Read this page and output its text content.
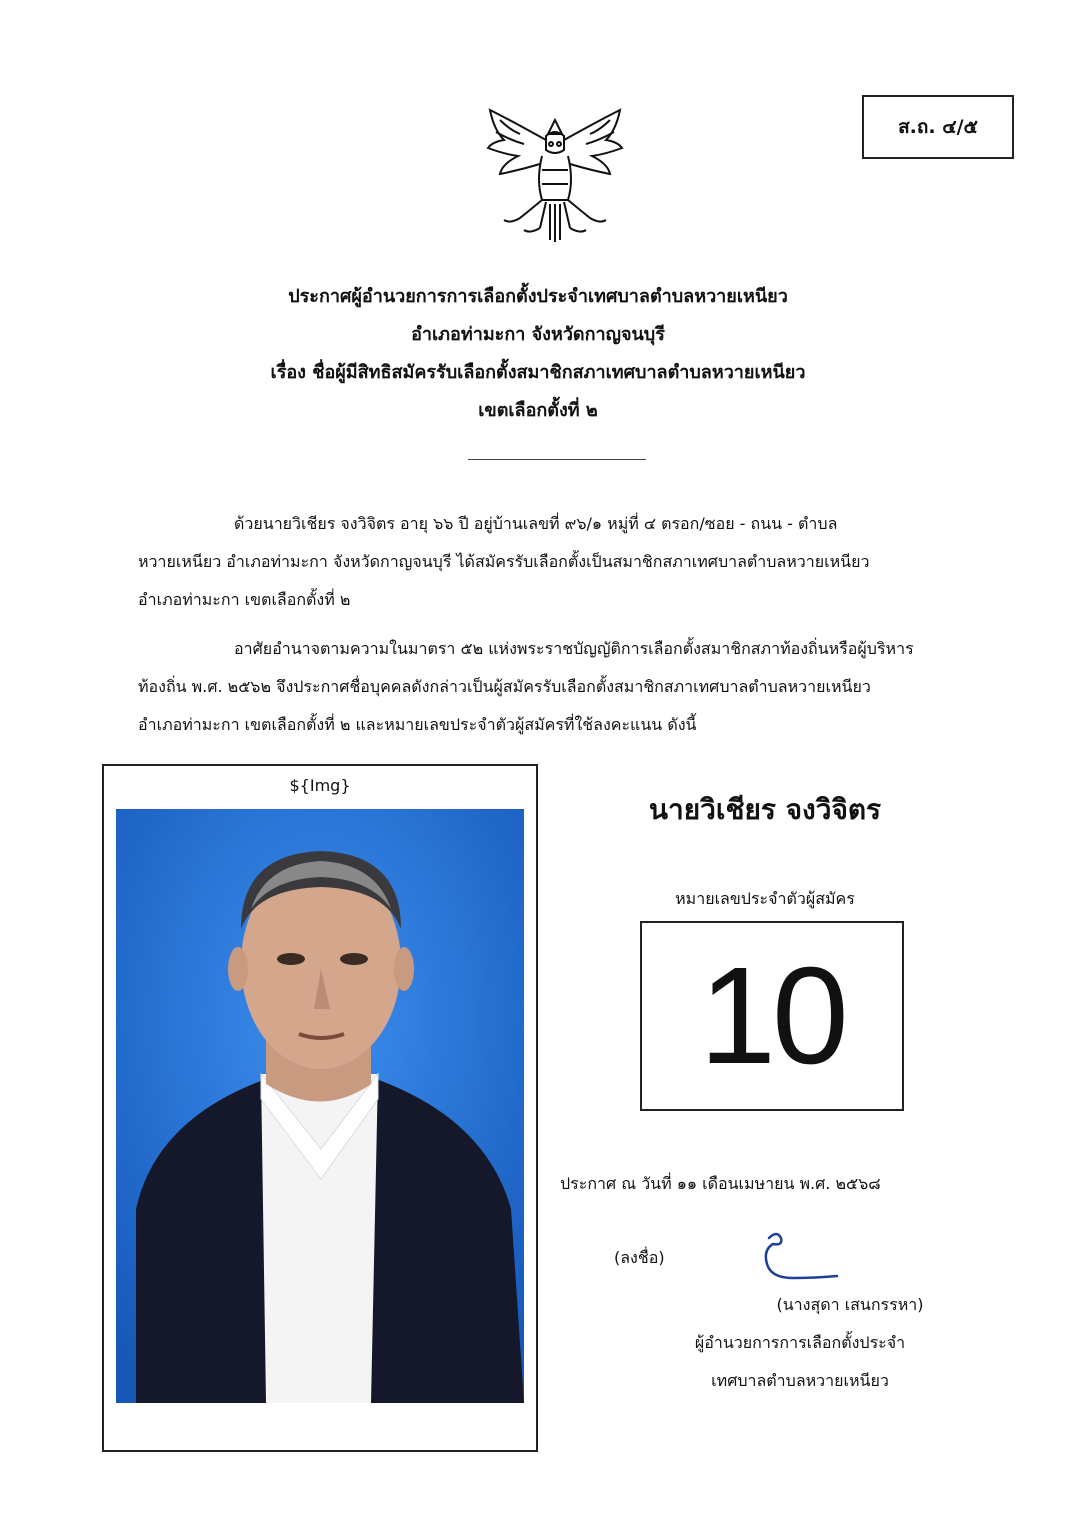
ส.ถ. ๔/๕
ประกาศผู้อำนวยการการเลือกตั้งประจำเทศบาลตำบลหวายเหนียว
อำเภอท่ามะกา จังหวัดกาญจนบุรี
เรื่อง ชื่อผู้มีสิทธิสมัครรับเลือกตั้งสมาชิกสภาเทศบาลตำบลหวายเหนียว
เขตเลือกตั้งที่ ๒
ด้วยนายวิเชียร จงวิจิตร อายุ ๖๖ ปี อยู่บ้านเลขที่ ๙๖/๑ หมู่ที่ ๔ ตรอก/ซอย - ถนน - ตำบล
หวายเหนียว อำเภอท่ามะกา จังหวัดกาญจนบุรี ได้สมัครรับเลือกตั้งเป็นสมาชิกสภาเทศบาลตำบลหวายเหนียว
อำเภอท่ามะกา เขตเลือกตั้งที่ ๒
อาศัยอำนาจตามความในมาตรา ๕๒ แห่งพระราชบัญญัติการเลือกตั้งสมาชิกสภาท้องถิ่นหรือผู้บริหาร
ท้องถิ่น พ.ศ. ๒๕๖๒ จึงประกาศชื่อบุคคลดังกล่าวเป็นผู้สมัครรับเลือกตั้งสมาชิกสภาเทศบาลตำบลหวายเหนียว
อำเภอท่ามะกา เขตเลือกตั้งที่ ๒ และหมายเลขประจำตัวผู้สมัครที่ใช้ลงคะแนน ดังนี้
${Img}
นายวิเชียร จงวิจิตร
หมายเลขประจำตัวผู้สมัคร
10
ประกาศ ณ วันที่ ๑๑ เดือนเมษายน พ.ศ. ๒๕๖๘
(ลงชื่อ)
(นางสุดา เสนกรรหา)
ผู้อำนวยการการเลือกตั้งประจำ
เทศบาลตำบลหวายเหนียว
